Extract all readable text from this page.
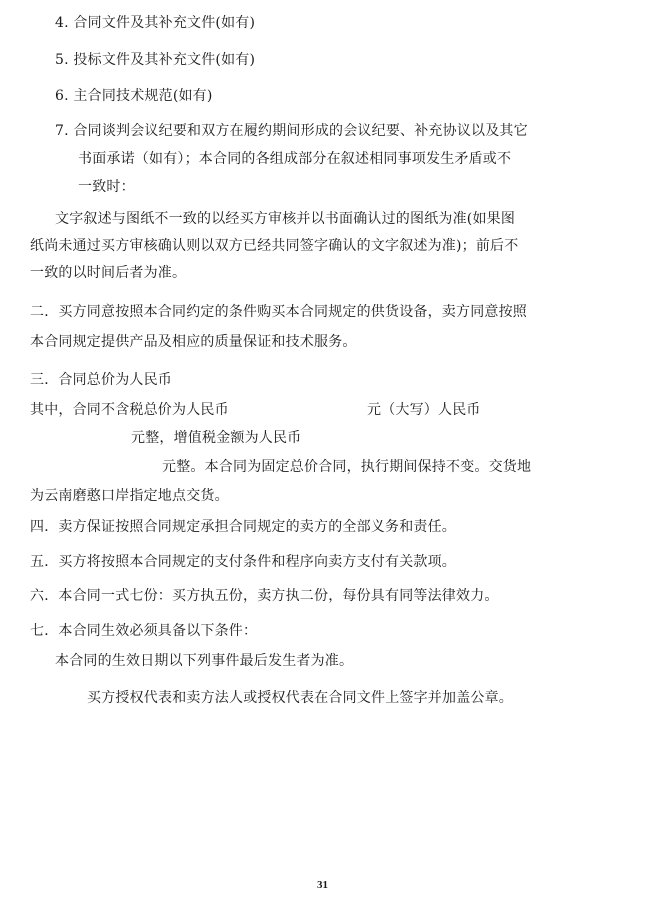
4. 合同文件及其补充文件(如有)
5. 投标文件及其补充文件(如有)
6. 主合同技术规范(如有)
7. 合同谈判会议纪要和双方在履约期间形成的会议纪要、补充协议以及其它
书面承诺（如有）；本合同的各组成部分在叙述相同事项发生矛盾或不
一致时：
文字叙述与图纸不一致的以经买方审核并以书面确认过的图纸为准(如果图
纸尚未通过买方审核确认则以双方已经共同签字确认的文字叙述为准)；前后不
一致的以时间后者为准。
二．买方同意按照本合同约定的条件购买本合同规定的供货设备，卖方同意按照
本合同规定提供产品及相应的质量保证和技术服务。
三．合同总价为人民币
其中，合同不含税总价为人民币	元（大写）人民币
元整，增值税金额为人民币
元整。本合同为固定总价合同，执行期间保持不变。交货地
为云南磨憨口岸指定地点交货。
四．卖方保证按照合同规定承担合同规定的卖方的全部义务和责任。
五．买方将按照本合同规定的支付条件和程序向卖方支付有关款项。
六．本合同一式七份：买方执五份，卖方执二份，每份具有同等法律效力。
七．本合同生效必须具备以下条件：
本合同的生效日期以下列事件最后发生者为准。
买方授权代表和卖方法人或授权代表在合同文件上签字并加盖公章。
31
